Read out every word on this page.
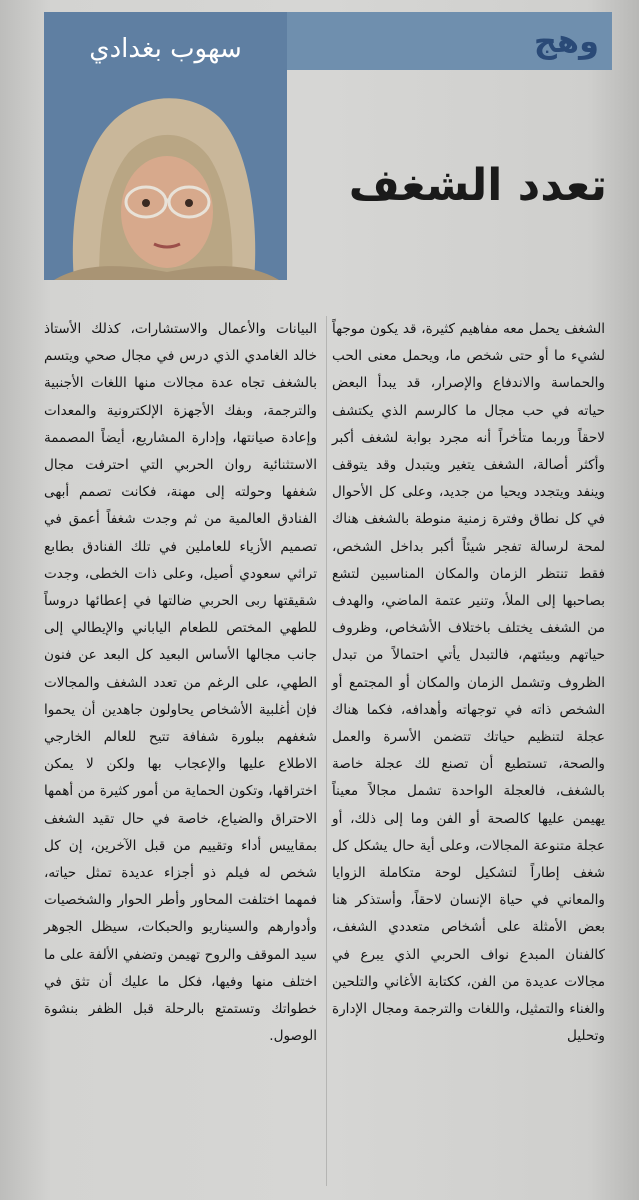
وهج
سهوب بغدادي
تعدد الشغف
الشغف يحمل معه مفاهيم كثيرة، قد يكون موجهاً لشيء ما أو حتى شخص ما، ويحمل معنى الحب والحماسة والاندفاع والإصرار، قد يبدأ البعض حياته في حب مجال ما كالرسم الذي يكتشف لاحقاً وربما متأخراً أنه مجرد بوابة لشغف أكبر وأكثر أصالة، الشغف يتغير ويتبدل وقد يتوقف وينفد ويتجدد ويحيا من جديد، وعلى كل الأحوال في كل نطاق وفترة زمنية منوطة بالشغف هناك لمحة لرسالة تفجر شيئاً أكبر بداخل الشخص، فقط تنتظر الزمان والمكان المناسبين لتشع بصاحبها إلى الملأ، وتنير عتمة الماضي، والهدف من الشغف يختلف باختلاف الأشخاص، وظروف حياتهم وبيئتهم، فالتبدل يأتي احتمالاً من تبدل الظروف وتشمل الزمان والمكان أو المجتمع أو الشخص ذاته في توجهاته وأهدافه، فكما هناك عجلة لتنظيم حياتك تتضمن الأسرة والعمل والصحة، تستطيع أن تصنع لك عجلة خاصة بالشغف، فالعجلة الواحدة تشمل مجالاً معيناً يهيمن عليها كالصحة أو الفن وما إلى ذلك، أو عجلة متنوعة المجالات، وعلى أية حال يشكل كل شغف إطاراً لتشكيل لوحة متكاملة الزوايا والمعاني في حياة الإنسان لاحقاً، وأستذكر هنا بعض الأمثلة على أشخاص متعددي الشغف، كالفنان المبدع نواف الحربي الذي يبرع في مجالات عديدة من الفن، ككتابة الأغاني والتلحين والغناء والتمثيل، واللغات والترجمة ومجال الإدارة وتحليل
البيانات والأعمال والاستشارات، كذلك الأستاذ خالد الغامدي الذي درس في مجال صحي ويتسم بالشغف تجاه عدة مجالات منها اللغات الأجنبية والترجمة، وبفك الأجهزة الإلكترونية والمعدات وإعادة صيانتها، وإدارة المشاريع، أيضاً المصممة الاستثنائية روان الحربي التي احترفت مجال شغفها وحولته إلى مهنة، فكانت تصمم أبهى الفنادق العالمية من ثم وجدت شغفاً أعمق في تصميم الأزياء للعاملين في تلك الفنادق بطابع تراثي سعودي أصيل، وعلى ذات الخطى، وجدت شقيقتها ربى الحربي ضالتها في إعطائها دروساً للطهي المختص للطعام الياباني والإيطالي إلى جانب مجالها الأساس البعيد كل البعد عن فنون الطهي، على الرغم من تعدد الشغف والمجالات فإن أغلبية الأشخاص يحاولون جاهدين أن يحموا شغفهم ببلورة شفافة تتيح للعالم الخارجي الاطلاع عليها والإعجاب بها ولكن لا يمكن اختراقها، وتكون الحماية من أمور كثيرة من أهمها الاحتراق والضياع، خاصة في حال تقيد الشغف بمقاييس أداء وتقييم من قبل الآخرين، إن كل شخص له فيلم ذو أجزاء عديدة تمثل حياته، فمهما اختلفت المحاور وأطر الحوار والشخصيات وأدوارهم والسيناريو والحبكات، سيظل الجوهر سيد الموقف والروح تهيمن وتضفي الألفة على ما اختلف منها وفيها، فكل ما عليك أن تثق في خطواتك وتستمتع بالرحلة قبل الظفر بنشوة الوصول.
